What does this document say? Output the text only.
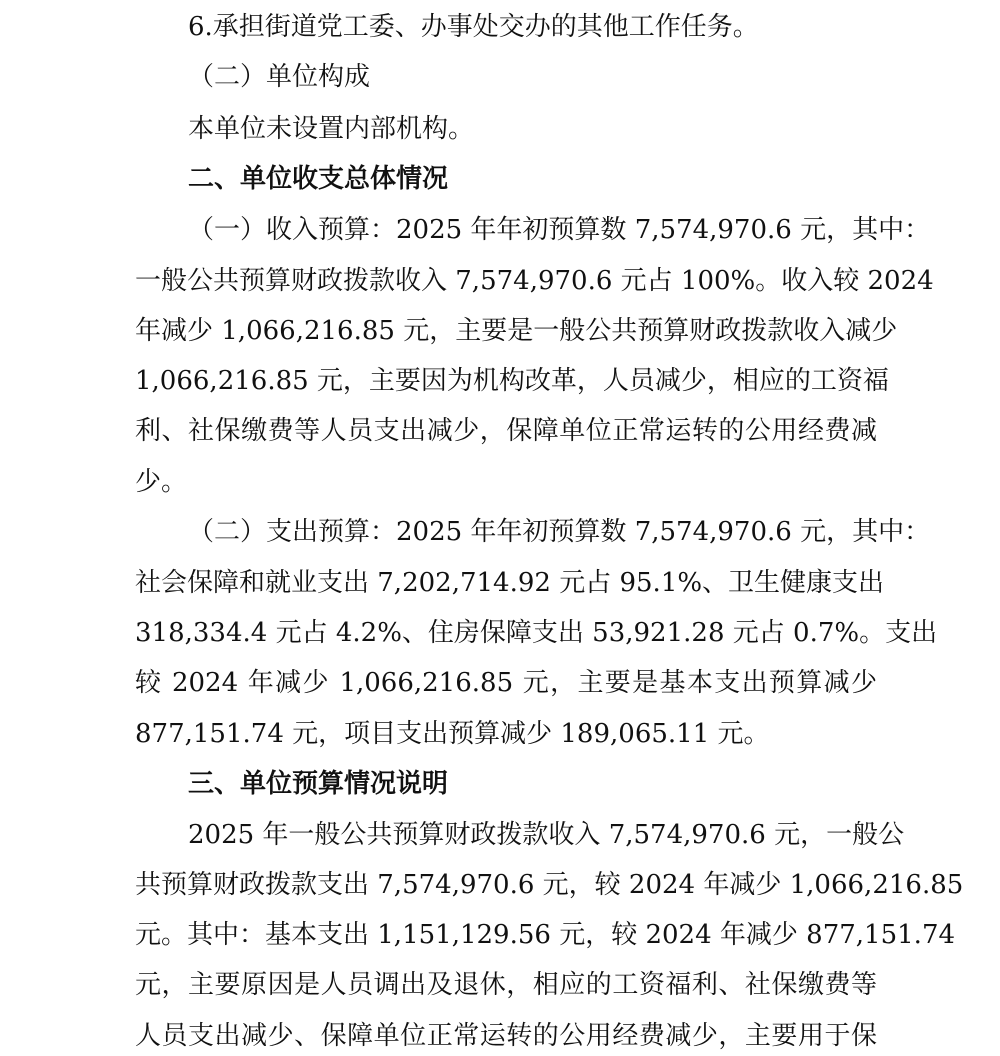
6.承担街道党工委、办事处交办的其他工作任务。

（二）单位构成

本单位未设置内部机构。

二、单位收支总体情况

（一）收入预算：2025 年年初预算数 7,574,970.6 元，其中：

一般公共预算财政拨款收入 7,574,970.6 元占 100%。收入较 2024

年减少 1,066,216.85 元，主要是一般公共预算财政拨款收入减少

1,066,216.85 元，主要因为机构改革，人员减少，相应的工资福

利、社保缴费等人员支出减少，保障单位正常运转的公用经费减

少。

（二）支出预算：2025 年年初预算数 7,574,970.6 元，其中：

社会保障和就业支出 7,202,714.92 元占 95.1%、卫生健康支出

318,334.4 元占 4.2%、住房保障支出 53,921.28 元占 0.7%。支出

较 2024 年减少 1,066,216.85 元，主要是基本支出预算减少

877,151.74 元，项目支出预算减少 189,065.11 元。

三、单位预算情况说明

2025 年一般公共预算财政拨款收入 7,574,970.6 元，一般公

共预算财政拨款支出 7,574,970.6 元，较 2024 年减少 1,066,216.85

元。其中：基本支出 1,151,129.56 元，较 2024 年减少 877,151.74

元，主要原因是人员调出及退休，相应的工资福利、社保缴费等

人员支出减少、保障单位正常运转的公用经费减少，主要用于保
